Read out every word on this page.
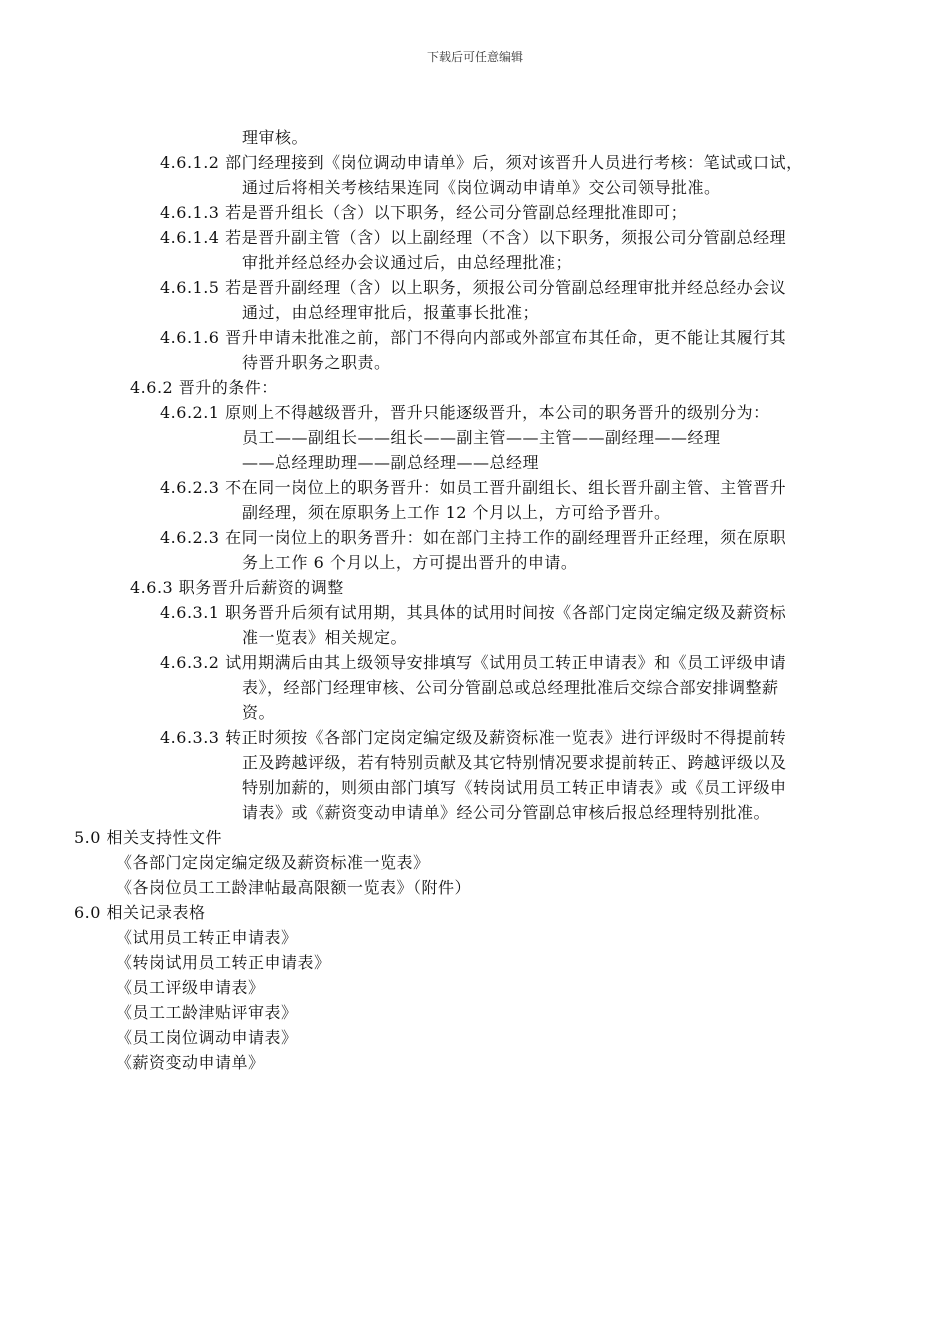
下载后可任意编辑
理审核。
4.6.1.2 部门经理接到《岗位调动申请单》后，须对该晋升人员进行考核：笔试或口试，
通过后将相关考核结果连同《岗位调动申请单》交公司领导批准。
4.6.1.3 若是晋升组长（含）以下职务，经公司分管副总经理批准即可；
4.6.1.4 若是晋升副主管（含）以上副经理（不含）以下职务，须报公司分管副总经理
审批并经总经办会议通过后，由总经理批准；
4.6.1.5 若是晋升副经理（含）以上职务，须报公司分管副总经理审批并经总经办会议
通过，由总经理审批后，报董事长批准；
4.6.1.6 晋升申请未批准之前，部门不得向内部或外部宣布其任命，更不能让其履行其
待晋升职务之职责。
4.6.2 晋升的条件：
4.6.2.1 原则上不得越级晋升，晋升只能逐级晋升，本公司的职务晋升的级别分为：
员工——副组长——组长——副主管——主管——副经理——经理
——总经理助理——副总经理——总经理
4.6.2.3 不在同一岗位上的职务晋升：如员工晋升副组长、组长晋升副主管、主管晋升
副经理，须在原职务上工作 12 个月以上，方可给予晋升。
4.6.2.3 在同一岗位上的职务晋升：如在部门主持工作的副经理晋升正经理，须在原职
务上工作 6 个月以上，方可提出晋升的申请。
4.6.3 职务晋升后薪资的调整
4.6.3.1 职务晋升后须有试用期，其具体的试用时间按《各部门定岗定编定级及薪资标
准一览表》相关规定。
4.6.3.2 试用期满后由其上级领导安排填写《试用员工转正申请表》和《员工评级申请
表》，经部门经理审核、公司分管副总或总经理批准后交综合部安排调整薪
资。
4.6.3.3 转正时须按《各部门定岗定编定级及薪资标准一览表》进行评级时不得提前转
正及跨越评级，若有特别贡献及其它特别情况要求提前转正、跨越评级以及
特别加薪的，则须由部门填写《转岗试用员工转正申请表》或《员工评级申
请表》或《薪资变动申请单》经公司分管副总审核后报总经理特别批准。
5.0 相关支持性文件
《各部门定岗定编定级及薪资标准一览表》
《各岗位员工工龄津帖最高限额一览表》（附件）
6.0 相关记录表格
《试用员工转正申请表》
《转岗试用员工转正申请表》
《员工评级申请表》
《员工工龄津贴评审表》
《员工岗位调动申请表》
《薪资变动申请单》
